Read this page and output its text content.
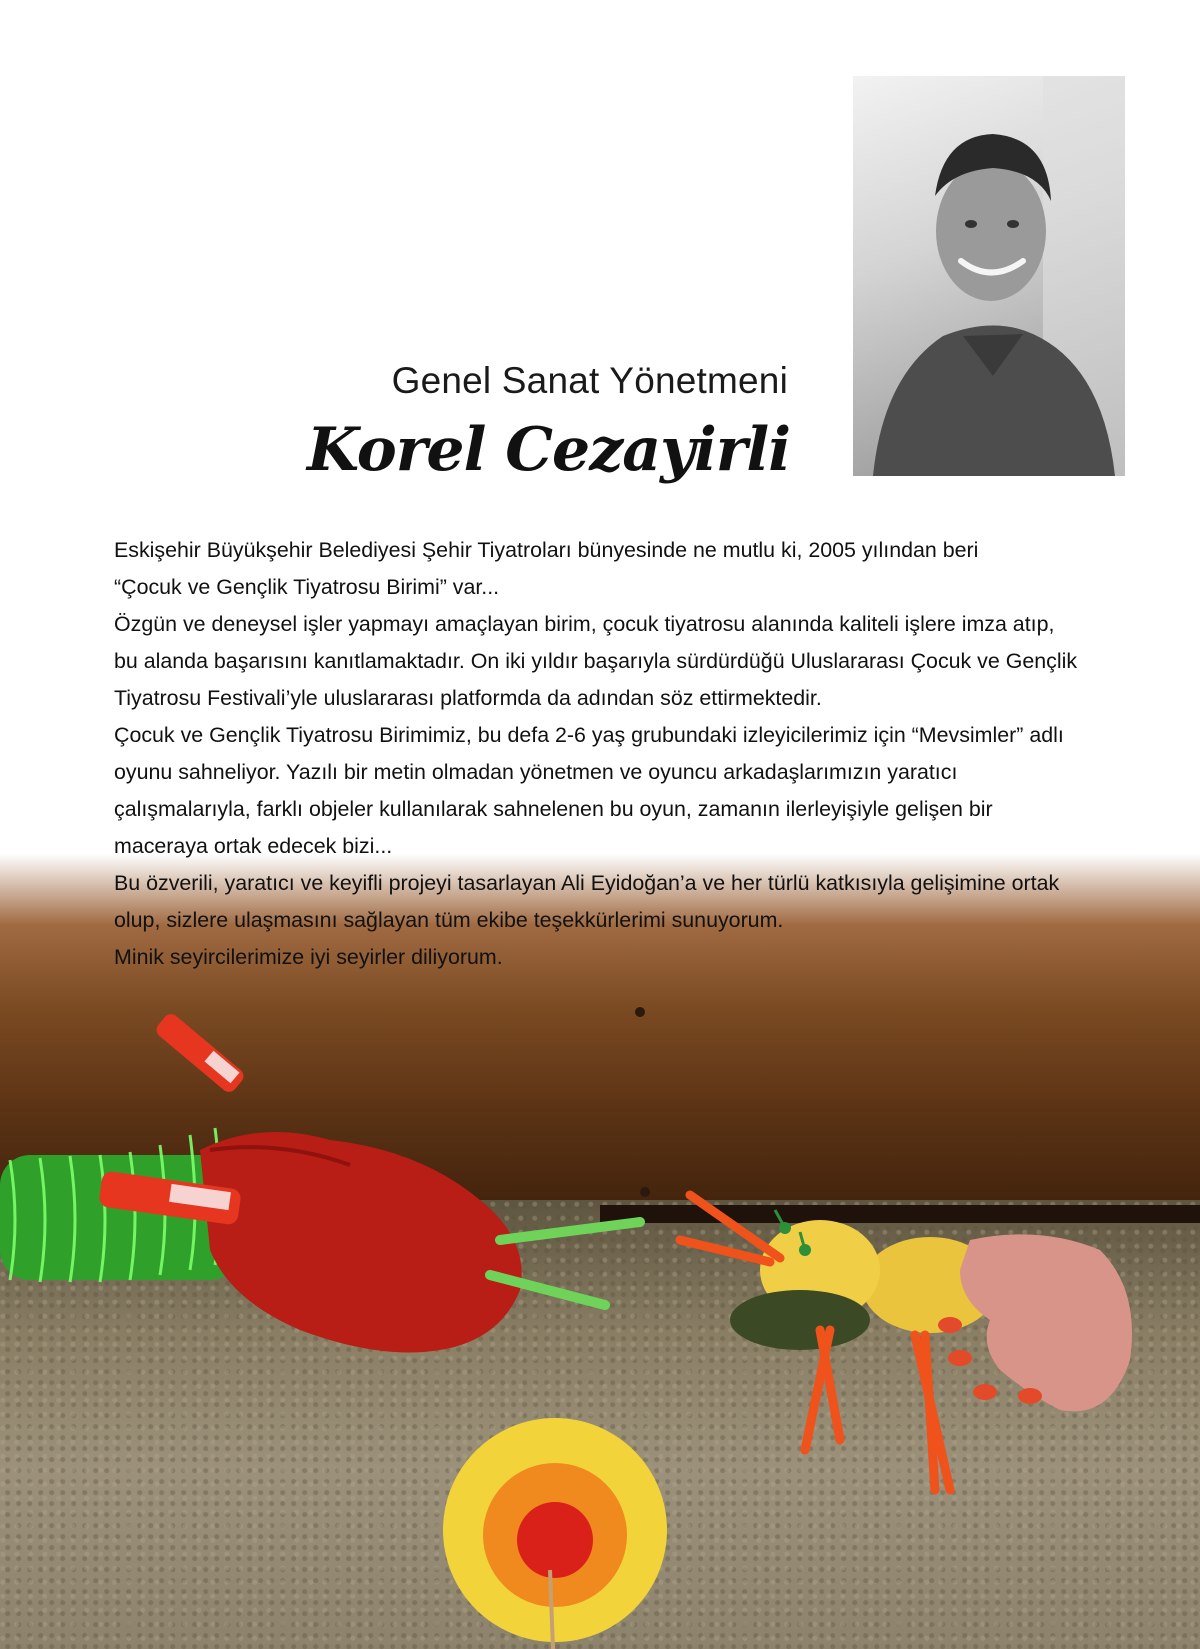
Genel Sanat Yönetmeni
Korel Cezayirli

Eskişehir Büyükşehir Belediyesi Şehir Tiyatroları bünyesinde ne mutlu ki, 2005 yılından beri

“Çocuk ve Gençlik Tiyatrosu Birimi” var...

Özgün ve deneysel işler yapmayı amaçlayan birim, çocuk tiyatrosu alanında kaliteli işlere imza atıp,

bu alanda başarısını kanıtlamaktadır. On iki yıldır başarıyla sürdürdüğü Uluslararası Çocuk ve Gençlik

Tiyatrosu Festivali’yle uluslararası platformda da adından söz ettirmektedir.

Çocuk ve Gençlik Tiyatrosu Birimimiz, bu defa 2-6 yaş grubundaki izleyicilerimiz için “Mevsimler” adlı

oyunu sahneliyor. Yazılı bir metin olmadan yönetmen ve oyuncu arkadaşlarımızın yaratıcı

çalışmalarıyla, farklı objeler kullanılarak sahnelenen bu oyun, zamanın ilerleyişiyle gelişen bir

maceraya ortak edecek bizi...

Bu özverili, yaratıcı ve keyifli projeyi tasarlayan Ali Eyidoğan’a ve her türlü katkısıyla gelişimine ortak

olup, sizlere ulaşmasını sağlayan tüm ekibe teşekkürlerimi sunuyorum.

Minik seyircilerimize iyi seyirler diliyorum.
